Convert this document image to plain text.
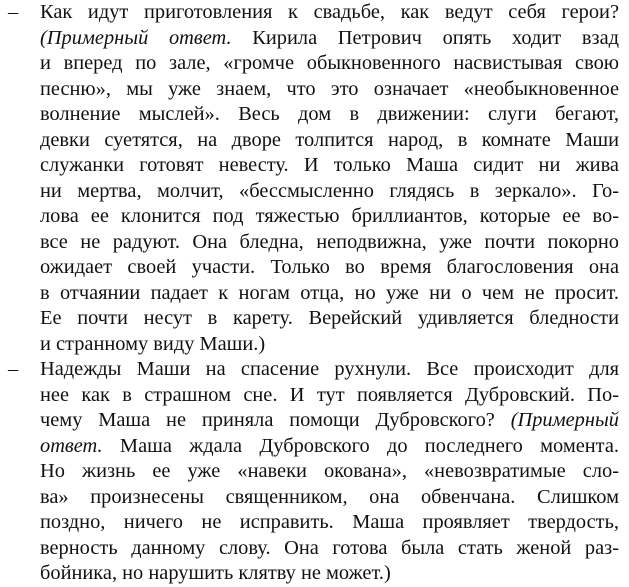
– Как идут приготовления к свадьбе, как ведут себя герои?
(Примерный ответ. Кирила Петрович опять ходит взад
и вперед по зале, «громче обыкновенного насвистывая свою
песню», мы уже знаем, что это означает «необыкновенное
волнение мыслей». Весь дом в движении: слуги бегают,
девки суетятся, на дворе толпится народ, в комнате Маши
служанки готовят невесту. И только Маша сидит ни жива
ни мертва, молчит, «бессмысленно глядясь в зеркало». Го-
лова ее клонится под тяжестью бриллиантов, которые ее во-
все не радуют. Она бледна, неподвижна, уже почти покорно
ожидает своей участи. Только во время благословения она
в отчаянии падает к ногам отца, но уже ни о чем не просит.
Ее почти несут в карету. Верейский удивляется бледности
и странному виду Маши.)
– Надежды Маши на спасение рухнули. Все происходит для
нее как в страшном сне. И тут появляется Дубровский. По-
чему Маша не приняла помощи Дубровского? (Примерный
ответ. Маша ждала Дубровского до последнего момента.
Но жизнь ее уже «навеки окована», «невозвратимые сло-
ва» произнесены священником, она обвенчана. Слишком
поздно, ничего не исправить. Маша проявляет твердость,
верность данному слову. Она готова была стать женой раз-
бойника, но нарушить клятву не может.)
